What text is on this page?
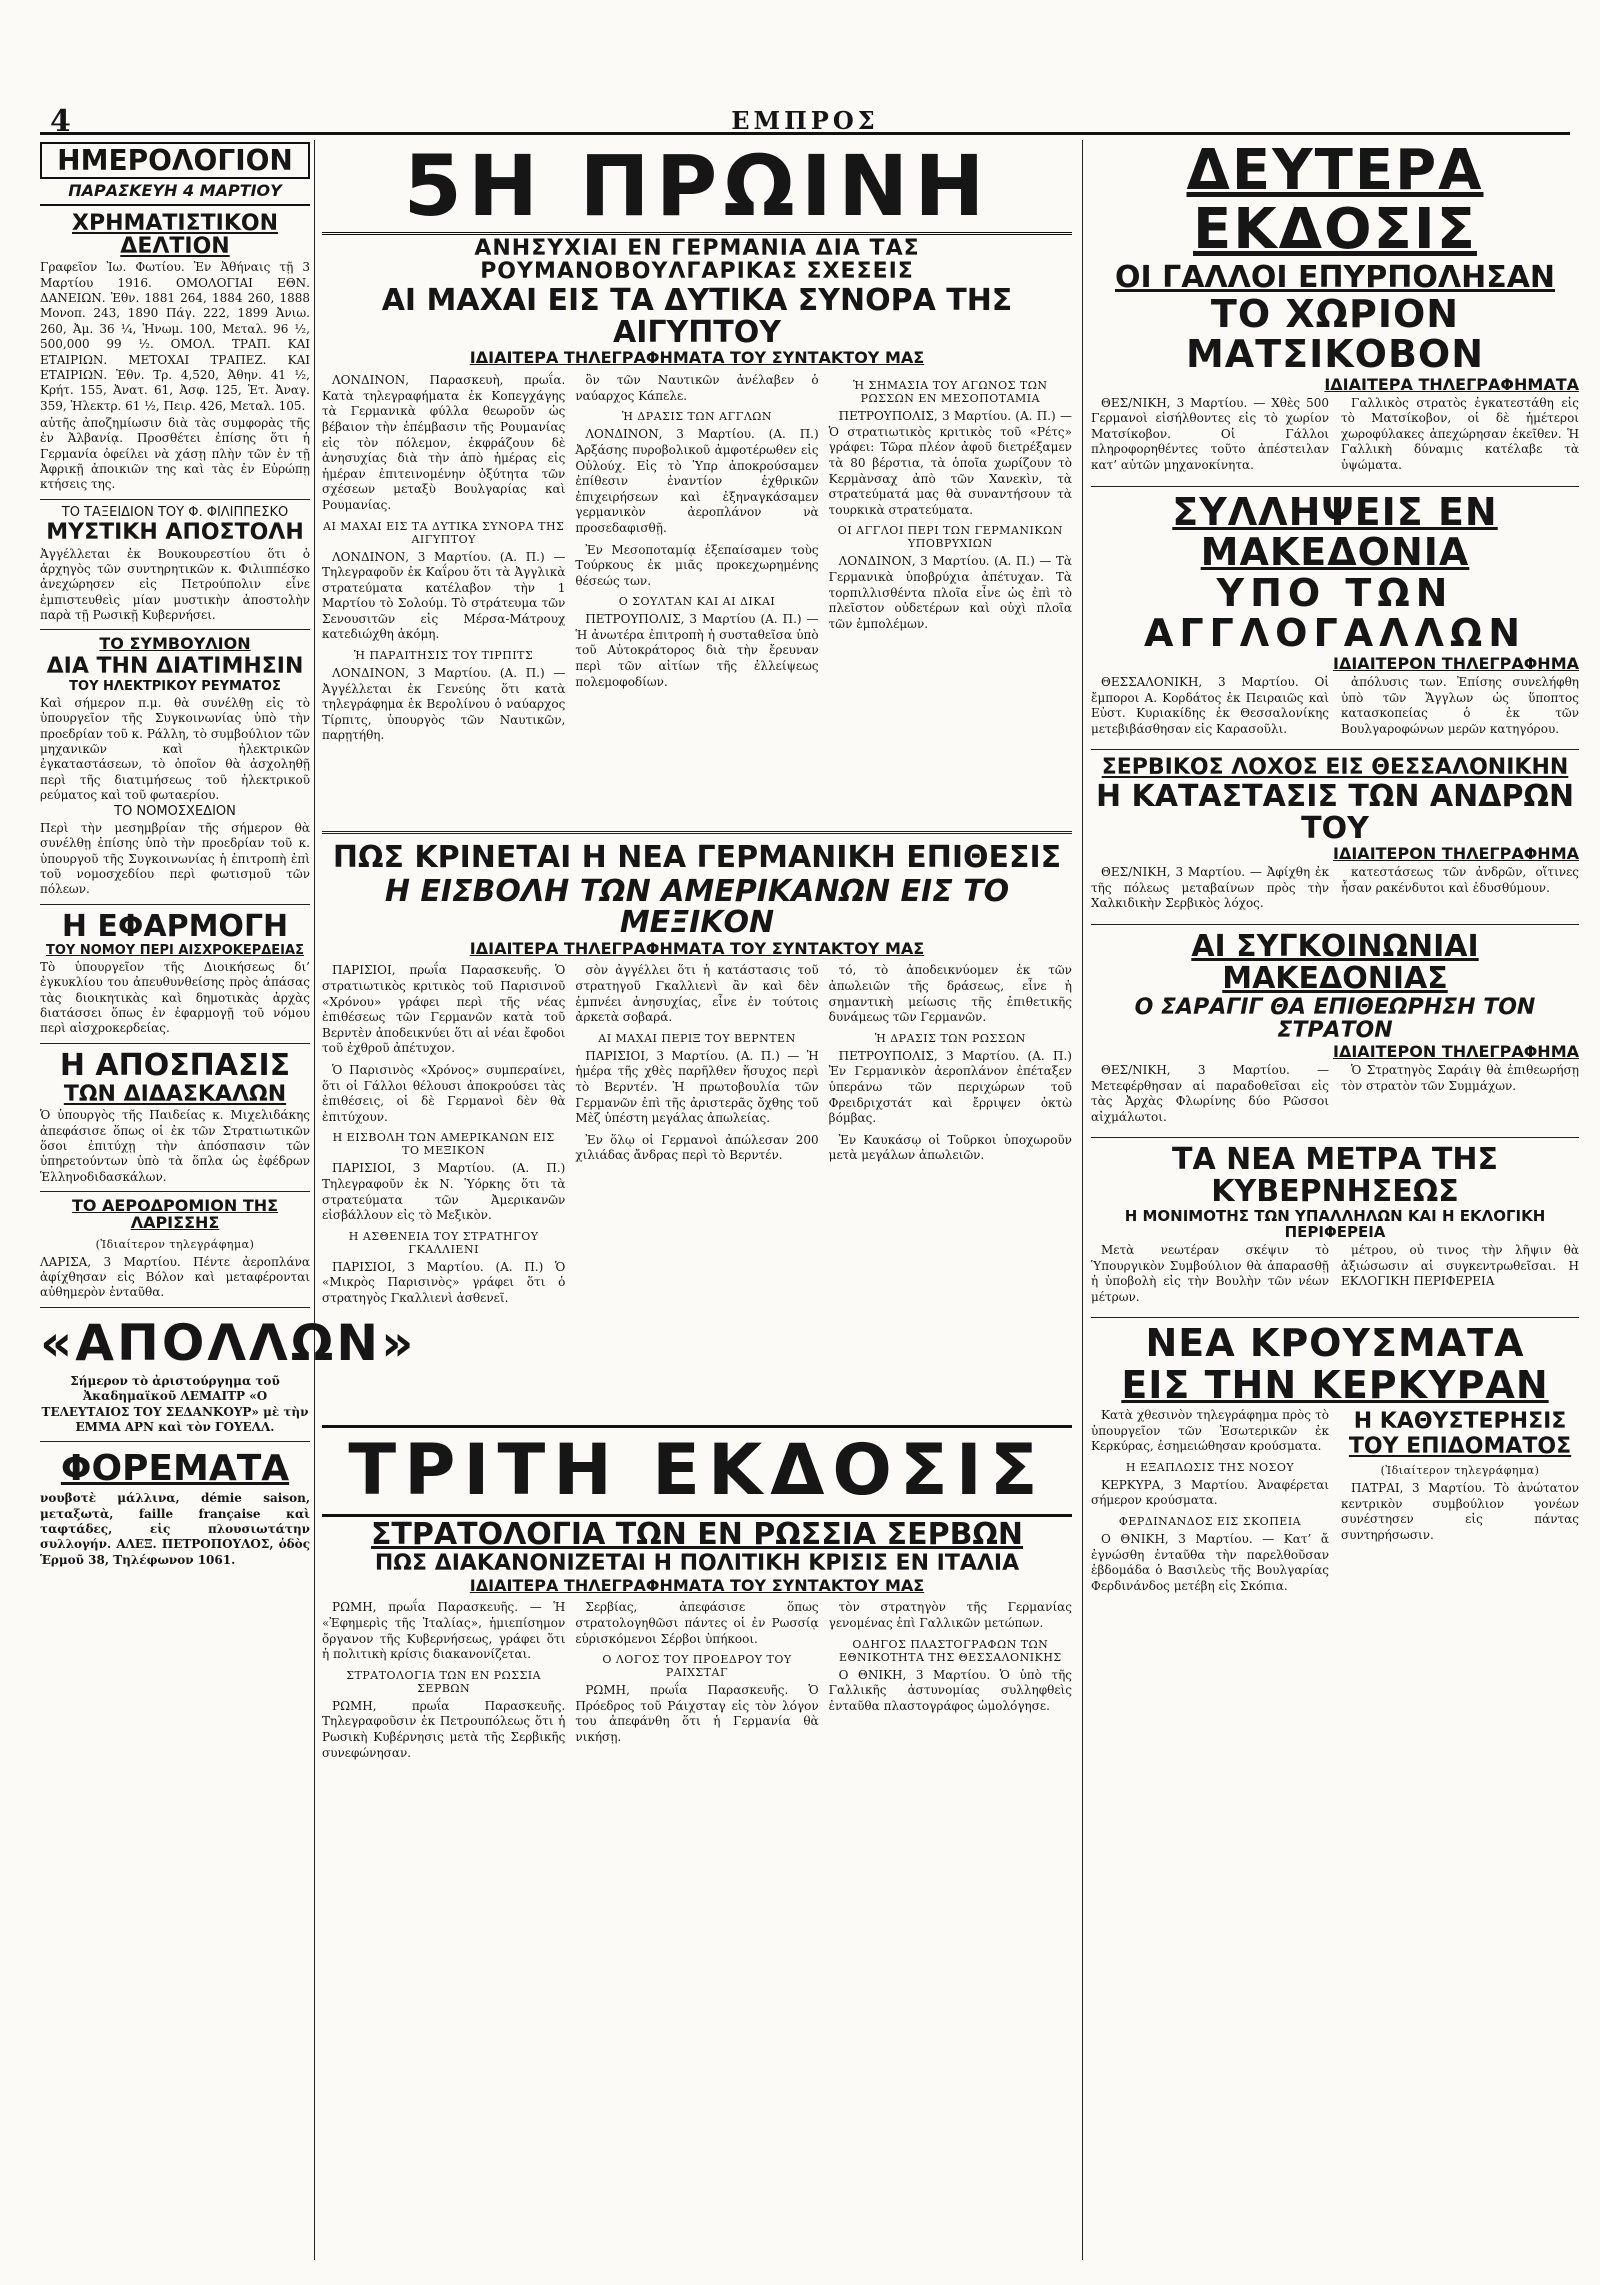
4	ΕΜΠΡΟΣ
ΗΜΕΡΟΛΟΓΙΟΝ
ΠΑΡΑΣΚΕΥΗ 4 ΜΑΡΤΙΟΥ
ΧΡΗΜΑΤΙΣΤΙΚΟΝ ΔΕΛΤΙΟΝ

Γραφεῖον Ἰω. Φωτίου. Ἐν Ἀθήναις τῇ 3 Μαρτίου 1916. ΟΜΟΛΟΓΙΑΙ ΕΘΝ. ΔΑΝΕΙΩΝ. Ἐθν. 1881 264, 1884 260, 1888 Μονοπ. 243, 1890 Πάγ. 222, 1899 Ἀνιω. 260, Ἀμ. 36 ¼, Ἡνωμ. 100, Μεταλ. 96 ½, 500,000 99 ½. ΟΜΟΛ. ΤΡΑΠ. ΚΑΙ ΕΤΑΙΡΙΩΝ. ΜΕΤΟΧΑΙ ΤΡΑΠΕΖ. ΚΑΙ ΕΤΑΙΡΙΩΝ. Ἐθν. Τρ. 4,520, Ἀθην. 41 ½, Κρήτ. 155, Ἀνατ. 61, Ἀσφ. 125, Ἑτ. Ἀναγ. 359, Ἠλεκτρ. 61 ½, Πειρ. 426, Μεταλ. 105.

αὐτῆς ἀποζημίωσιν διὰ τὰς συμφορὰς τῆς ἐν Ἀλβανίᾳ. Προσθέτει ἐπίσης ὅτι ἡ Γερμανία ὀφείλει νὰ χάσῃ πλὴν τῶν ἐν τῇ Ἀφρικῇ ἀποικιῶν της καὶ τὰς ἐν Εὐρώπῃ κτήσεις της.

ΤΟ ΤΑΞΕΙΔΙΟΝ ΤΟΥ Φ. ΦΙΛΙΠΠΕΣΚΟ
ΜΥΣΤΙΚΗ ΑΠΟΣΤΟΛΗ

Ἀγγέλλεται ἐκ Βουκουρεστίου ὅτι ὁ ἀρχηγὸς τῶν συντηρητικῶν κ. Φιλιππέσκο ἀνεχώρησεν εἰς Πετρούπολιν εἶνε ἐμπιστευθεὶς μίαν μυστικὴν ἀποστολὴν παρὰ τῇ Ρωσικῇ Κυβερνήσει.

ΤΟ ΣΥΜΒΟΥΛΙΟΝ
ΔΙΑ ΤΗΝ ΔΙΑΤΙΜΗΣΙΝ
ΤΟΥ ΗΛΕΚΤΡΙΚΟΥ ΡΕΥΜΑΤΟΣ

Καὶ σήμερον π.μ. θὰ συνέλθῃ εἰς τὸ ὑπουργεῖον τῆς Συγκοινωνίας ὑπὸ τὴν προεδρίαν τοῦ κ. Ράλλη, τὸ συμβούλιον τῶν μηχανικῶν καὶ ἠλεκτρικῶν ἐγκαταστάσεων, τὸ ὁποῖον θὰ ἀσχοληθῇ περὶ τῆς διατιμήσεως τοῦ ἠλεκτρικοῦ ρεύματος καὶ τοῦ φωταερίου.

ΤΟ ΝΟΜΟΣΧΕΔΙΟΝ

Περὶ τὴν μεσημβρίαν τῆς σήμερον θὰ συνέλθῃ ἐπίσης ὑπὸ τὴν προεδρίαν τοῦ κ. ὑπουργοῦ τῆς Συγκοινωνίας ἡ ἐπιτροπὴ ἐπὶ τοῦ νομοσχεδίου περὶ φωτισμοῦ τῶν πόλεων.

Η ΕΦΑΡΜΟΓΗ
ΤΟΥ ΝΟΜΟΥ ΠΕΡΙ ΑΙΣΧΡΟΚΕΡΔΕΙΑΣ

Τὸ ὑπουργεῖον τῆς Διοικήσεως δι’ ἐγκυκλίου του ἀπευθυνθείσης πρὸς ἁπάσας τὰς διοικητικὰς καὶ δημοτικὰς ἀρχὰς διατάσσει ὅπως ἐν ἐφαρμογῇ τοῦ νόμου περὶ αἰσχροκερδείας.

Η ΑΠΟΣΠΑΣΙΣ
ΤΩΝ ΔΙΔΑΣΚΑΛΩΝ

Ὁ ὑπουργὸς τῆς Παιδείας κ. Μιχελιδάκης ἀπεφάσισε ὅπως οἱ ἐκ τῶν Στρατιωτικῶν ὅσοι ἐπιτύχῃ τὴν ἀπόσπασιν τῶν ὑπηρετούντων ὑπὸ τὰ ὅπλα ὡς ἐφέδρων Ἑλληνοδιδασκάλων.

ΤΟ ΑΕΡΟΔΡΟΜΙΟΝ ΤΗΣ ΛΑΡΙΣΣΗΣ
(Ἰδιαίτερον τηλεγράφημα)

ΛΑΡΙΣΑ, 3 Μαρτίου. Πέντε ἀεροπλάνα ἀφίχθησαν εἰς Βόλον καὶ μεταφέρονται αὐθημερὸν ἐνταῦθα.

«ΑΠΟΛΛΩΝ»

Σήμερον τὸ ἀριστούργημα τοῦ Ἀκαδημαϊκοῦ ΛΕΜΑΙΤΡ «Ο ΤΕΛΕΥΤΑΙΟΣ ΤΟΥ ΣΕΔΑΝΚΟΥΡ» μὲ τὴν ΕΜΜΑ ΑΡΝ καὶ τὸν ΓΟΥΕΛΛ.

ΦΟΡΕΜΑΤΑ

νουβοτὲ μάλλινα, démie saison, μεταξωτὰ, faille française καὶ ταφτάδες, εἰς πλουσιωτάτην συλλογήν. ΑΛΕΞ. ΠΕΤΡΟΠΟΥΛΟΣ, ὁδὸς Ἑρμοῦ 38, Τηλέφωνον 1061.

5Η ΠΡΩΙΝΗ
ΑΝΗΣΥΧΙΑΙ ΕΝ ΓΕΡΜΑΝΙΑ ΔΙΑ ΤΑΣ ΡΟΥΜΑΝΟΒΟΥΛΓΑΡΙΚΑΣ ΣΧΕΣΕΙΣ
ΑΙ ΜΑΧΑΙ ΕΙΣ ΤΑ ΔΥΤΙΚΑ ΣΥΝΟΡΑ ΤΗΣ ΑΙΓΥΠΤΟΥ
ΙΔΙΑΙΤΕΡΑ ΤΗΛΕΓΡΑΦΗΜΑΤΑ ΤΟΥ ΣΥΝΤΑΚΤΟΥ ΜΑΣ

ΛΟΝΔΙΝΟΝ, Παρασκευὴ, πρωΐα. Κατὰ τηλεγραφήματα ἐκ Κοπεγχάγης τὰ Γερμανικὰ φύλλα θεωροῦν ὡς βέβαιον τὴν ἐπέμβασιν τῆς Ρουμανίας εἰς τὸν πόλεμον, ἐκφράζουν δὲ ἀνησυχίας διὰ τὴν ἀπὸ ἡμέρας εἰς ἡμέραν ἐπιτεινομένην ὀξύτητα τῶν σχέσεων μεταξὺ Βουλγαρίας καὶ Ρουμανίας.

ΑΙ ΜΑΧΑΙ ΕΙΣ ΤΑ ΔΥΤΙΚΑ ΣΥΝΟΡΑ ΤΗΣ ΑΙΓΥΠΤΟΥ

ΛΟΝΔΙΝΟΝ, 3 Μαρτίου. (Α. Π.) — Τηλεγραφοῦν ἐκ Καΐρου ὅτι τὰ Ἀγγλικὰ στρατεύματα κατέλαβον τὴν 1 Μαρτίου τὸ Σολούμ. Τὸ στράτευμα τῶν Σενουσιτῶν εἰς Μέρσα-Μάτρουχ κατεδιώχθη ἀκόμη.

Ἡ ΠΑΡΑΙΤΗΣΙΣ ΤΟΥ ΤΙΡΠΙΤΣ

ΛΟΝΔΙΝΟΝ, 3 Μαρτίου. (Α. Π.) — Ἀγγέλλεται ἐκ Γενεύης ὅτι κατὰ τηλεγράφημα ἐκ Βερολίνου ὁ ναύαρχος Τίρπιτς, ὑπουργὸς τῶν Ναυτικῶν, παρῃτήθη.

ὂν τῶν Ναυτικῶν ἀνέλαβεν ὁ ναύαρχος Κάπελε.

Ἡ ΔΡΑΣΙΣ ΤΩΝ ΑΓΓΛΩΝ

ΛΟΝΔΙΝΟΝ, 3 Μαρτίου. (Α. Π.) Ἀρξάσης πυροβολικοῦ ἀμφοτέρωθεν εἰς Οὐλούχ. Εἰς τὸ Ὑπρ ἀποκρούσαμεν ἐπίθεσιν ἐναντίον ἐχθρικῶν ἐπιχειρήσεων καὶ ἐξηναγκάσαμεν γερμανικὸν ἀεροπλάνον νὰ προσεδαφισθῇ.

Ἐν Μεσοποταμίᾳ ἐξεπαίσαμεν τοὺς Τούρκους ἐκ μιᾶς προκεχωρημένης θέσεώς των.

Ο ΣΟΥΛΤΑΝ ΚΑΙ ΑΙ ΔΙΚΑΙ

ΠΕΤΡΟΥΠΟΛΙΣ, 3 Μαρτίου (Α. Π.) — Ἡ ἀνωτέρα ἐπιτροπὴ ἡ συσταθεῖσα ὑπὸ τοῦ Αὐτοκράτορος διὰ τὴν ἔρευναν περὶ τῶν αἰτίων τῆς ἐλλείψεως πολεμοφοδίων.

Ἡ ΣΗΜΑΣΙΑ ΤΟΥ ΑΓΩΝΟΣ ΤΩΝ ΡΩΣΣΩΝ ΕΝ ΜΕΣΟΠΟΤΑΜΙΑ

ΠΕΤΡΟΥΠΟΛΙΣ, 3 Μαρτίου. (Α. Π.) — Ὁ στρατιωτικὸς κριτικὸς τοῦ «Ρέτς» γράφει: Τῶρα πλέον ἀφοῦ διετρέξαμεν τὰ 80 βέρστια, τὰ ὁποῖα χωρίζουν τὸ Κερμὰνσαχ ἀπὸ τῶν Χανεκὶν, τὰ στρατεύματά μας θὰ συναντήσουν τὰ τουρκικὰ στρατεύματα.

ΟΙ ΑΓΓΛΟΙ ΠΕΡΙ ΤΩΝ ΓΕΡΜΑΝΙΚΩΝ ΥΠΟΒΡΥΧΙΩΝ

ΛΟΝΔΙΝΟΝ, 3 Μαρτίου. (Α. Π.) — Τὰ Γερμανικὰ ὑποβρύχια ἀπέτυχαν. Τὰ τορπιλλισθέντα πλοῖα εἶνε ὡς ἐπὶ τὸ πλεῖστον οὐδετέρων καὶ οὐχὶ πλοῖα τῶν ἐμπολέμων.

ΠΩΣ ΚΡΙΝΕΤΑΙ Η ΝΕΑ ΓΕΡΜΑΝΙΚΗ ΕΠΙΘΕΣΙΣ
Η ΕΙΣΒΟΛΗ ΤΩΝ ΑΜΕΡΙΚΑΝΩΝ ΕΙΣ ΤΟ ΜΕΞΙΚΟΝ
ΙΔΙΑΙΤΕΡΑ ΤΗΛΕΓΡΑΦΗΜΑΤΑ ΤΟΥ ΣΥΝΤΑΚΤΟΥ ΜΑΣ

ΠΑΡΙΣΙΟΙ, πρωΐα Παρασκευῆς. Ὁ στρατιωτικὸς κριτικὸς τοῦ Παρισινοῦ «Χρόνου» γράφει περὶ τῆς νέας ἐπιθέσεως τῶν Γερμανῶν κατὰ τοῦ Βερντὲν ἀποδεικνύει ὅτι αἱ νέαι ἔφοδοι τοῦ ἐχθροῦ ἀπέτυχον.

Ὁ Παρισινὸς «Χρόνος» συμπεραίνει, ὅτι οἱ Γάλλοι θέλουσι ἀποκρούσει τὰς ἐπιθέσεις, οἱ δὲ Γερμανοὶ δὲν θὰ ἐπιτύχουν.

Η ΕΙΣΒΟΛΗ ΤΩΝ ΑΜΕΡΙΚΑΝΩΝ ΕΙΣ ΤΟ ΜΕΞΙΚΟΝ

ΠΑΡΙΣΙΟΙ, 3 Μαρτίου. (Α. Π.) Τηλεγραφοῦν ἐκ Ν. Ὑόρκης ὅτι τὰ στρατεύματα τῶν Ἀμερικανῶν εἰσβάλλουν εἰς τὸ Μεξικὸν.

Η ΑΣΘΕΝΕΙΑ ΤΟΥ ΣΤΡΑΤΗΓΟΥ ΓΚΑΛΛΙΕΝΙ

ΠΑΡΙΣΙΟΙ, 3 Μαρτίου. (Α. Π.) Ὁ «Μικρὸς Παρισινὸς» γράφει ὅτι ὁ στρατηγὸς Γκαλλιενὶ ἀσθενεῖ.

σὸν ἀγγέλλει ὅτι ἡ κατάστασις τοῦ στρατηγοῦ Γκαλλιενὶ ἂν καὶ δὲν ἐμπνέει ἀνησυχίας, εἶνε ἐν τούτοις ἀρκετὰ σοβαρά.

ΑΙ ΜΑΧΑΙ ΠΕΡΙΞ ΤΟΥ ΒΕΡΝΤΕΝ

ΠΑΡΙΣΙΟΙ, 3 Μαρτίου. (Α. Π.) — Ἡ ἡμέρα τῆς χθὲς παρῆλθεν ἥσυχος περὶ τὸ Βερντέν. Ἡ πρωτοβουλία τῶν Γερμανῶν ἐπὶ τῆς ἀριστερᾶς ὄχθης τοῦ Μὲζ ὑπέστη μεγάλας ἀπωλείας.

Ἐν ὅλῳ οἱ Γερμανοὶ ἀπώλεσαν 200 χιλιάδας ἄνδρας περὶ τὸ Βερντέν.

τό, τὸ ἀποδεικνύομεν ἐκ τῶν ἀπωλειῶν τῆς δράσεως, εἶνε ἡ σημαντικὴ μείωσις τῆς ἐπιθετικῆς δυνάμεως τῶν Γερμανῶν.

Ἡ ΔΡΑΣΙΣ ΤΩΝ ΡΩΣΣΩΝ

ΠΕΤΡΟΥΠΟΛΙΣ, 3 Μαρτίου. (Α. Π.) Ἐν Γερμανικὸν ἀεροπλάνον ἐπέταξεν ὑπεράνω τῶν περιχώρων τοῦ Φρειδριχστάτ καὶ ἔρριψεν ὀκτὼ βόμβας.

Ἐν Καυκάσῳ οἱ Τοῦρκοι ὑποχωροῦν μετὰ μεγάλων ἀπωλειῶν.

ΤΡΙΤΗ ΕΚΔΟΣΙΣ
ΣΤΡΑΤΟΛΟΓΙΑ ΤΩΝ ΕΝ ΡΩΣΣΙΑ ΣΕΡΒΩΝ
ΠΩΣ ΔΙΑΚΑΝΟΝΙΖΕΤΑΙ Η ΠΟΛΙΤΙΚΗ ΚΡΙΣΙΣ ΕΝ ΙΤΑΛΙΑ
ΙΔΙΑΙΤΕΡΑ ΤΗΛΕΓΡΑΦΗΜΑΤΑ ΤΟΥ ΣΥΝΤΑΚΤΟΥ ΜΑΣ

ΡΩΜΗ, πρωΐα Παρασκευῆς. — Ἡ «Ἐφημερὶς τῆς Ἰταλίας», ἡμιεπίσημον ὄργανον τῆς Κυβερνήσεως, γράφει ὅτι ἡ πολιτικὴ κρίσις διακανονίζεται.

ΣΤΡΑΤΟΛΟΓΙΑ ΤΩΝ ΕΝ ΡΩΣΣΙΑ ΣΕΡΒΩΝ

ΡΩΜΗ, πρωΐα Παρασκευῆς. Τηλεγραφοῦσιν ἐκ Πετρουπόλεως ὅτι ἡ Ρωσικὴ Κυβέρνησις μετὰ τῆς Σερβικῆς συνεφώνησαν.

Σερβίας, ἀπεφάσισε ὅπως στρατολογηθῶσι πάντες οἱ ἐν Ρωσσίᾳ εὑρισκόμενοι Σέρβοι ὑπήκοοι.

Ο ΛΟΓΟΣ ΤΟΥ ΠΡΟΕΔΡΟΥ ΤΟΥ ΡΑΙΧΣΤΑΓ

ΡΩΜΗ, πρωΐα Παρασκευῆς. Ὁ Πρόεδρος τοῦ Ράιχσταγ εἰς τὸν λόγον του ἀπεφάνθη ὅτι ἡ Γερμανία θὰ νικήσῃ.

τὸν στρατηγὸν τῆς Γερμανίας γενομένας ἐπὶ Γαλλικῶν μετώπων.

ΟΔΗΓΟΣ ΠΛΑΣΤΟΓΡΑΦΩΝ ΤΩΝ ΕΘΝΙΚΟΤΗΤΑ ΤΗΣ ΘΕΣΣΑΛΟΝΙΚΗΣ

Ο ΘΝΙΚΗ, 3 Μαρτίου. Ὁ ὑπὸ τῆς Γαλλικῆς ἀστυνομίας συλληφθεὶς ἐνταῦθα πλαστογράφος ὡμολόγησε.

ΔΕΥΤΕΡΑ ΕΚΔΟΣΙΣ
ΟΙ ΓΑΛΛΟΙ ΕΠΥΡΠΟΛΗΣΑΝ
ΤΟ ΧΩΡΙΟΝ ΜΑΤΣΙΚΟΒΟΝ
ΙΔΙΑΙΤΕΡΑ ΤΗΛΕΓΡΑΦΗΜΑΤΑ

ΘΕΣ/ΝΙΚΗ, 3 Μαρτίου. — Χθὲς 500 Γερμανοὶ εἰσήλθοντες εἰς τὸ χωρίον Ματσίκοβον. Οἱ Γάλλοι πληροφορηθέντες τοῦτο ἀπέστειλαν κατ’ αὐτῶν μηχανοκίνητα.

Γαλλικὸς στρατὸς ἐγκατεστάθη εἰς τὸ Ματσίκοβον, οἱ δὲ ἡμέτεροι χωροφύλακες ἀπεχώρησαν ἐκεῖθεν. Ἡ Γαλλικὴ δύναμις κατέλαβε τὰ ὑψώματα.

ΣΥΛΛΗΨΕΙΣ ΕΝ ΜΑΚΕΔΟΝΙΑ
ΥΠΟ ΤΩΝ ΑΓΓΛΟΓΑΛΛΩΝ
ΙΔΙΑΙΤΕΡΟΝ ΤΗΛΕΓΡΑΦΗΜΑ

ΘΕΣΣΑΛΟΝΙΚΗ, 3 Μαρτίου. Οἱ ἔμποροι Α. Κορδάτος ἐκ Πειραιῶς καὶ Εὐστ. Κυριακίδης ἐκ Θεσσαλονίκης μετεβιβάσθησαν εἰς Καρασοῦλι.

ἀπόλυσις των. Ἐπίσης συνελήφθη ὑπὸ τῶν Ἄγγλων ὡς ὕποπτος κατασκοπείας ὁ ἐκ τῶν Βουλγαροφώνων μερῶν κατηγόρου.

ΣΕΡΒΙΚΟΣ ΛΟΧΟΣ ΕΙΣ ΘΕΣΣΑΛΟΝΙΚΗΝ
Η ΚΑΤΑΣΤΑΣΙΣ ΤΩΝ ΑΝΔΡΩΝ ΤΟΥ
ΙΔΙΑΙΤΕΡΟΝ ΤΗΛΕΓΡΑΦΗΜΑ

ΘΕΣ/ΝΙΚΗ, 3 Μαρτίου. — Ἀφίχθη ἐκ τῆς πόλεως μεταβαίνων πρὸς τὴν Χαλκιδικὴν Σερβικὸς λόχος.

κατεστάσεως τῶν ἀνδρῶν, οἵτινες ἦσαν ρακένδυτοι καὶ ἐδυσθύμουν.

ΑΙ ΣΥΓΚΟΙΝΩΝΙΑΙ ΜΑΚΕΔΟΝΙΑΣ
Ο ΣΑΡΑΓΙΓ ΘΑ ΕΠΙΘΕΩΡΗΣΗ ΤΟΝ ΣΤΡΑΤΟΝ
ΙΔΙΑΙΤΕΡΟΝ ΤΗΛΕΓΡΑΦΗΜΑ

ΘΕΣ/ΝΙΚΗ, 3 Μαρτίου. — Μετεφέρθησαν αἱ παραδοθεῖσαι εἰς τὰς Ἀρχὰς Φλωρίνης δύο Ρῶσσοι αἰχμάλωτοι.

Ὁ Στρατηγὸς Σαράιγ θὰ ἐπιθεωρήσῃ τὸν στρατὸν τῶν Συμμάχων.

ΤΑ ΝΕΑ ΜΕΤΡΑ ΤΗΣ ΚΥΒΕΡΝΗΣΕΩΣ
Η ΜΟΝΙΜΟΤΗΣ ΤΩΝ ΥΠΑΛΛΗΛΩΝ ΚΑΙ Η ΕΚΛΟΓΙΚΗ ΠΕΡΙΦΕΡΕΙΑ

Μετὰ νεωτέραν σκέψιν τὸ Ὑπουργικὸν Συμβούλιον θὰ ἀπαρασθῇ ἡ ὑποβολὴ εἰς τὴν Βουλὴν τῶν νέων μέτρων.

μέτρου, οὐ τινος τὴν λῆψιν θὰ ἀξιώσωσιν αἱ συγκεντρωθεῖσαι. Η ΕΚΛΟΓΙΚΗ ΠΕΡΙΦΕΡΕΙΑ

ΝΕΑ ΚΡΟΥΣΜΑΤΑ
ΕΙΣ ΤΗΝ ΚΕΡΚΥΡΑΝ

Κατὰ χθεσινὸν τηλεγράφημα πρὸς τὸ ὑπουργεῖον τῶν Ἐσωτερικῶν ἐκ Κερκύρας, ἐσημειώθησαν κρούσματα.

Η ΕΞΑΠΛΩΣΙΣ ΤΗΣ ΝΟΣΟΥ

ΚΕΡΚΥΡΑ, 3 Μαρτίου. Ἀναφέρεται σήμερον κρούσματα.

ΦΕΡΔΙΝΑΝΔΟΣ ΕΙΣ ΣΚΟΠΕΙΑ

Ο ΘΝΙΚΗ, 3 Μαρτίου. — Κατ’ ἄ ἐγνώσθη ἐνταῦθα τὴν παρελθοῦσαν ἑβδομάδα ὁ Βασιλεὺς τῆς Βουλγαρίας Φερδινάνδος μετέβη εἰς Σκόπια.

Η ΚΑΘΥΣΤΕΡΗΣΙΣ
ΤΟΥ ΕΠΙΔΟΜΑΤΟΣ
(Ἰδιαίτερον τηλεγράφημα)

ΠΑΤΡΑΙ, 3 Μαρτίου. Τὸ ἀνώτατον κεντρικὸν συμβούλιον γονέων συνέστησεν εἰς πάντας συντηρήσωσιν.
